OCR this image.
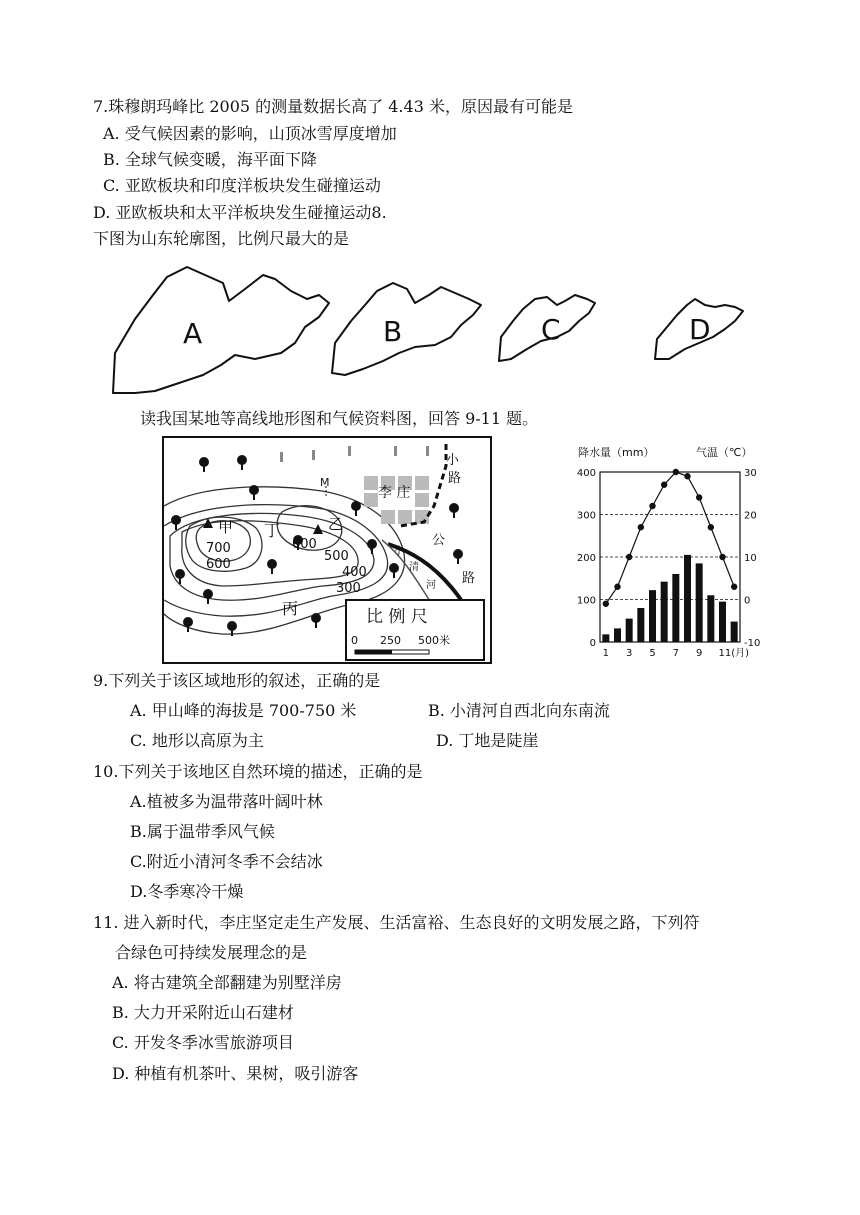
7.珠穆朗玛峰比 2005 的测量数据长高了 4.43 米，原因最有可能是
A. 受气候因素的影响，山顶冰雪厚度增加
B. 全球气候变暖，海平面下降
C. 亚欧板块和印度洋板块发生碰撞运动
D. 亚欧板块和太平洋板块发生碰撞运动8.
下图为山东轮廓图，比例尺最大的是
A	B	C	D
读我国某地等高线地形图和气候资料图，回答 9-11 题。
M
李 庄
甲	乙
丁
丙
700
600
600
500
400
300
小
路
公
路
小
清
河
比 例 尺
0 250 500米
降水量（mm）	气温（℃）
400
300
200
100
0
30
20
10
0
-10
1 3 5 7 9 11(月)
9.下列关于该区域地形的叙述，正确的是
A. 甲山峰的海拔是 700-750 米	B. 小清河自西北向东南流
C. 地形以高原为主	D. 丁地是陡崖
10.下列关于该地区自然环境的描述，正确的是
A.植被多为温带落叶阔叶林
B.属于温带季风气候
C.附近小清河冬季不会结冰
D.冬季寒冷干燥
11. 进入新时代，李庄坚定走生产发展、生活富裕、生态良好的文明发展之路，下列符
合绿色可持续发展理念的是
A. 将古建筑全部翻建为别墅洋房
B. 大力开采附近山石建材
C. 开发冬季冰雪旅游项目
D. 种植有机茶叶、果树，吸引游客
